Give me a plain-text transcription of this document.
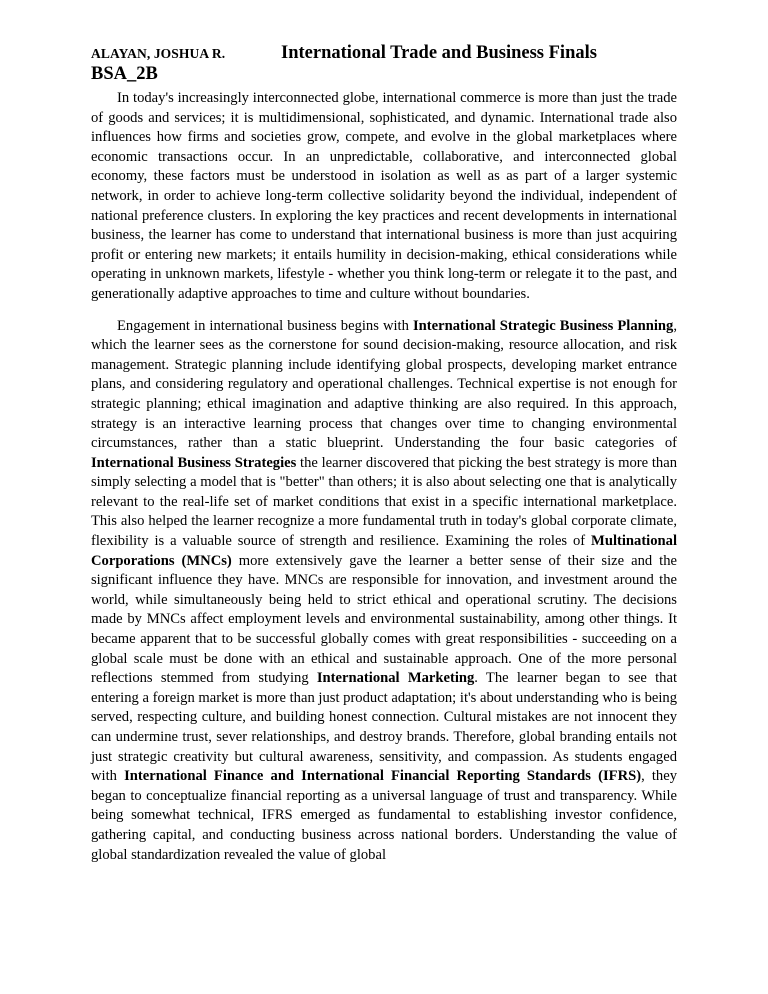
ALAYAN, JOSHUA R.	International Trade and Business Finals
BSA_2B

In today's increasingly interconnected globe, international commerce is more than just the trade of goods and services; it is multidimensional, sophisticated, and dynamic. International trade also influences how firms and societies grow, compete, and evolve in the global marketplaces where economic transactions occur. In an unpredictable, collaborative, and interconnected global economy, these factors must be understood in isolation as well as as part of a larger systemic network, in order to achieve long-term collective solidarity beyond the individual, independent of national preference clusters. In exploring the key practices and recent developments in international business, the learner has come to understand that international business is more than just acquiring profit or entering new markets; it entails humility in decision-making, ethical considerations while operating in unknown markets, lifestyle - whether you think long-term or relegate it to the past, and generationally adaptive approaches to time and culture without boundaries.

Engagement in international business begins with International Strategic Business Planning, which the learner sees as the cornerstone for sound decision-making, resource allocation, and risk management. Strategic planning include identifying global prospects, developing market entrance plans, and considering regulatory and operational challenges. Technical expertise is not enough for strategic planning; ethical imagination and adaptive thinking are also required. In this approach, strategy is an interactive learning process that changes over time to changing environmental circumstances, rather than a static blueprint. Understanding the four basic categories of International Business Strategies the learner discovered that picking the best strategy is more than simply selecting a model that is "better" than others; it is also about selecting one that is analytically relevant to the real-life set of market conditions that exist in a specific international marketplace. This also helped the learner recognize a more fundamental truth in today's global corporate climate, flexibility is a valuable source of strength and resilience. Examining the roles of Multinational Corporations (MNCs) more extensively gave the learner a better sense of their size and the significant influence they have. MNCs are responsible for innovation, and investment around the world, while simultaneously being held to strict ethical and operational scrutiny. The decisions made by MNCs affect employment levels and environmental sustainability, among other things. It became apparent that to be successful globally comes with great responsibilities - succeeding on a global scale must be done with an ethical and sustainable approach. One of the more personal reflections stemmed from studying International Marketing. The learner began to see that entering a foreign market is more than just product adaptation; it's about understanding who is being served, respecting culture, and building honest connection. Cultural mistakes are not innocent they can undermine trust, sever relationships, and destroy brands. Therefore, global branding entails not just strategic creativity but cultural awareness, sensitivity, and compassion. As students engaged with International Finance and International Financial Reporting Standards (IFRS), they began to conceptualize financial reporting as a universal language of trust and transparency. While being somewhat technical, IFRS emerged as fundamental to establishing investor confidence, gathering capital, and conducting business across national borders. Understanding the value of global standardization revealed the value of global
